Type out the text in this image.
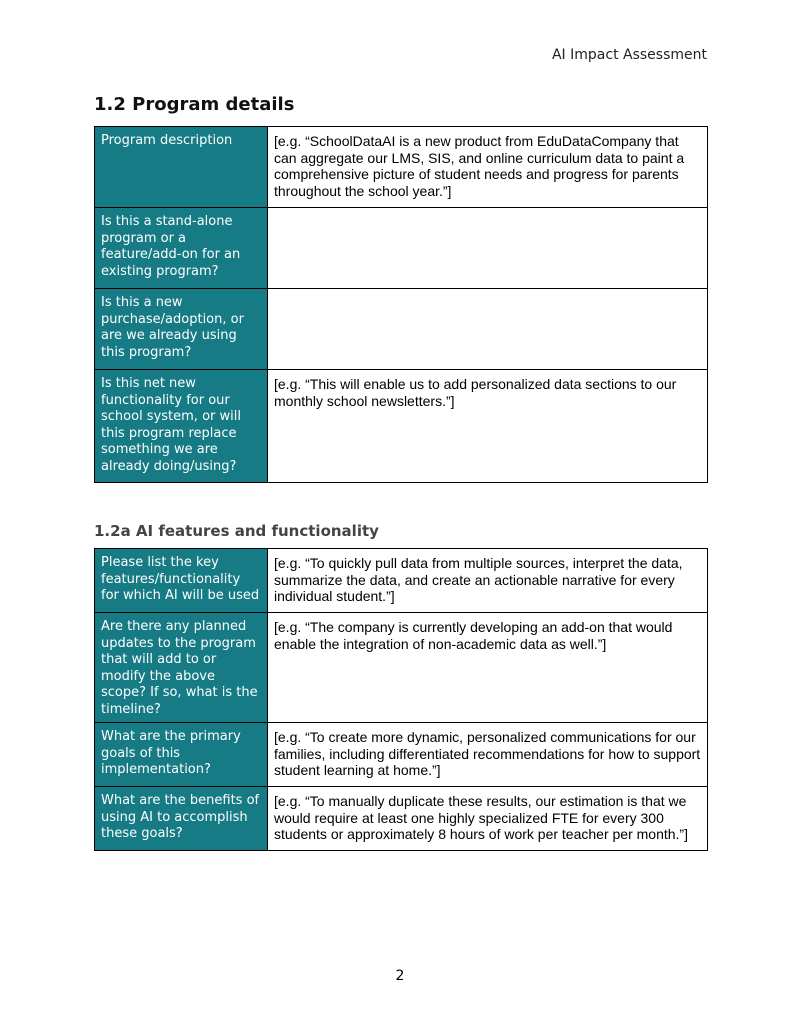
AI Impact Assessment
1.2 Program details
Program description	[e.g. “SchoolDataAI is a new product from EduDataCompany that can aggregate our LMS, SIS, and online curriculum data to paint a comprehensive picture of student needs and progress for parents throughout the school year.”]
Is this a stand-alone program or a feature/add-on for an existing program?	
Is this a new purchase/adoption, or are we already using this program?	
Is this net new functionality for our school system, or will this program replace something we are already doing/using?	[e.g. “This will enable us to add personalized data sections to our monthly school newsletters.”]
1.2a AI features and functionality
Please list the key features/functionality for which AI will be used	[e.g. “To quickly pull data from multiple sources, interpret the data, summarize the data, and create an actionable narrative for every individual student.”]
Are there any planned updates to the program that will add to or modify the above scope? If so, what is the timeline?	[e.g. “The company is currently developing an add-on that would enable the integration of non-academic data as well.”]
What are the primary goals of this implementation?	[e.g. “To create more dynamic, personalized communications for our families, including differentiated recommendations for how to support student learning at home.”]
What are the benefits of using AI to accomplish these goals?	[e.g. “To manually duplicate these results, our estimation is that we would require at least one highly specialized FTE for every 300 students or approximately 8 hours of work per teacher per month.”]
2
